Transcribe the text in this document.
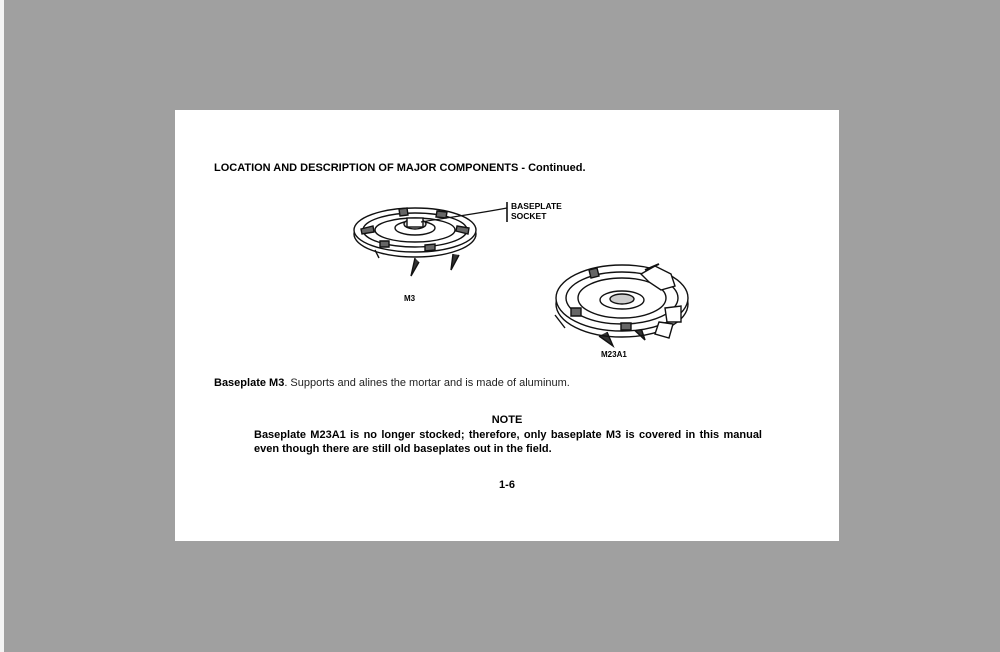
LOCATION AND DESCRIPTION OF MAJOR COMPONENTS - Continued.
BASEPLATE
SOCKET
M3
M23A1
Baseplate M3. Supports and alines the mortar and is made of aluminum.
NOTE
Baseplate M23A1 is no longer stocked; therefore, only baseplate M3 is covered in this manual even though there are still old baseplates out in the field.
1-6
